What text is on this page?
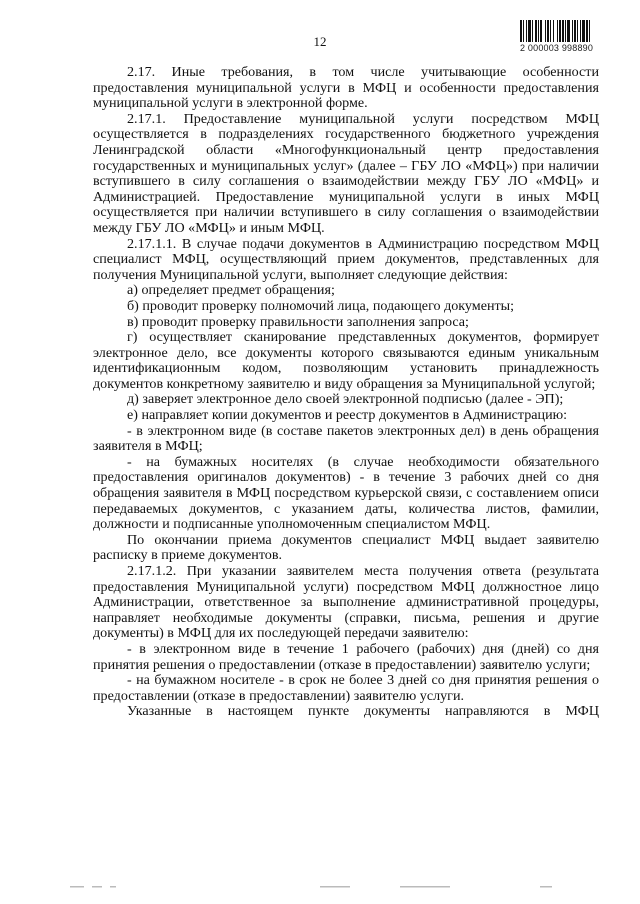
12	2 000003 998890

2.17. Иные требования, в том числе учитывающие особенности предоставления муниципальной услуги в МФЦ и особенности предоставления муниципальной услуги в электронной форме.

2.17.1. Предоставление муниципальной услуги посредством МФЦ осуществляется в подразделениях государственного бюджетного учреждения Ленинградской области «Многофункциональный центр предоставления государственных и муниципальных услуг» (далее – ГБУ ЛО «МФЦ») при наличии вступившего в силу соглашения о взаимодействии между ГБУ ЛО «МФЦ» и Администрацией. Предоставление муниципальной услуги в иных МФЦ осуществляется при наличии вступившего в силу соглашения о взаимодействии между ГБУ ЛО «МФЦ» и иным МФЦ.

2.17.1.1. В случае подачи документов в Администрацию посредством МФЦ специалист МФЦ, осуществляющий прием документов, представленных для получения Муниципальной услуги, выполняет следующие действия:

а) определяет предмет обращения;

б) проводит проверку полномочий лица, подающего документы;

в) проводит проверку правильности заполнения запроса;

г) осуществляет сканирование представленных документов, формирует электронное дело, все документы которого связываются единым уникальным идентификационным кодом, позволяющим установить принадлежность документов конкретному заявителю и виду обращения за Муниципальной услугой;

д) заверяет электронное дело своей электронной подписью (далее - ЭП);

е) направляет копии документов и реестр документов в Администрацию:

- в электронном виде (в составе пакетов электронных дел) в день обращения заявителя в МФЦ;

- на бумажных носителях (в случае необходимости обязательного предоставления оригиналов документов) - в течение 3 рабочих дней со дня обращения заявителя в МФЦ посредством курьерской связи, с составлением описи передаваемых документов, с указанием даты, количества листов, фамилии, должности и подписанные уполномоченным специалистом МФЦ.

По окончании приема документов специалист МФЦ выдает заявителю расписку в приеме документов.

2.17.1.2. При указании заявителем места получения ответа (результата предоставления Муниципальной услуги) посредством МФЦ должностное лицо Администрации, ответственное за выполнение административной процедуры, направляет необходимые документы (справки, письма, решения и другие документы) в МФЦ для их последующей передачи заявителю:

- в электронном виде в течение 1 рабочего (рабочих) дня (дней) со дня принятия решения о предоставлении (отказе в предоставлении) заявителю услуги;

- на бумажном носителе - в срок не более 3 дней со дня принятия решения о предоставлении (отказе в предоставлении) заявителю услуги.

Указанные в настоящем пункте документы направляются в МФЦ
